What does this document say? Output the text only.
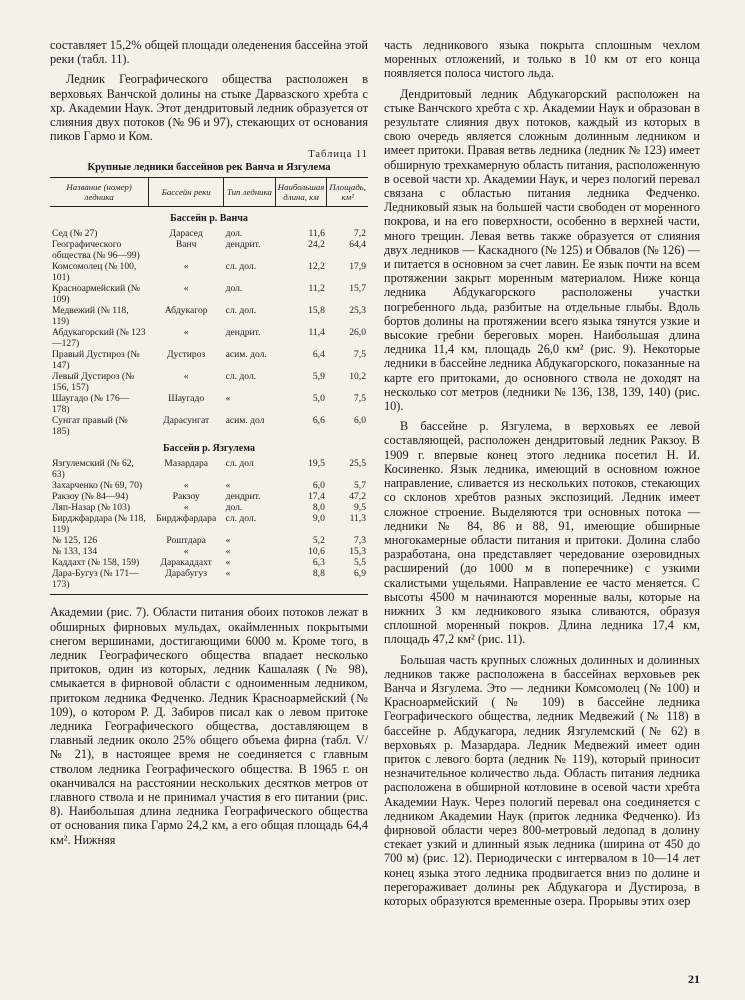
составляет 15,2% общей площади оледенения бассейна этой реки (табл. 11).

Ледник Географического общества расположен в верховьях Ванчской долины на стыке Дарвазского хребта с хр. Академии Наук. Этот дендритовый ледник образуется от слияния двух потоков (№ 96 и 97), стекающих от основания пиков Гармо и Ком.

Таблица 11
Крупные ледники бассейнов рек Ванча и Язгулема
Название (номер) ледника	Бассейн реки	Тип ледника	Наибольшая длина, км	Площадь, км²
Бассейн р. Ванча				
Сед (№ 27)	Дарасед	дол.	11,6	7,2
Географического общества (№ 96—99)	Ванч	дендрит.	24,2	64,4
Комсомолец (№ 100, 101)	«	сл. дол.	12,2	17,9
Красноармейский (№ 109)	«	дол.	11,2	15,7
Медвежий (№ 118, 119)	Абдукагор	сл. дол.	15,8	25,3
Абдукагорский (№ 123—127)	«	дендрит.	11,4	26,0
Правый Дустироз (№ 147)	Дустироз	асим. дол.	6,4	7,5
Левый Дустироз (№ 156, 157)	«	сл. дол.	5,9	10,2
Шаугадо (№ 176—178)	Шаугадо	«	5,0	7,5
Сунгат правый (№ 185)	Дарасунгат	асим. дол	6,6	6,0
Бассейн р. Язгулема				
Язгулемский (№ 62, 63)	Мазардара	сл. дол	19,5	25,5
Захарченко (№ 69, 70)	«	«	6,0	5,7
Ракзоу (№ 84—94)	Ракзоу	дендрит.	17,4	47,2
Ляп-Назар (№ 103)	«	дол.	8,0	9,5
Бирджфардара (№ 118, 119)	Бирджфардара	сл. дол.	9,0	11,3
№ 125, 126	Роштдара	«	5,2	7,3
№ 133, 134	«	«	10,6	15,3
Каддахт (№ 158, 159)	Даракаддахт	«	6,3	5,5
Дара-Бугуз (№ 171—173)	Дарабугуз	«	8,8	6,9

Академии (рис. 7). Области питания обоих потоков лежат в обширных фирновых мульдах, окаймленных покрытыми снегом вершинами, достигающими 6000 м. Кроме того, в ледник Географического общества впадает несколько притоков, один из которых, ледник Кашалаяк (№ 98), смыкается в фирновой области с одноименным ледником, притоком ледника Федченко. Ледник Красноармейский (№ 109), о котором Р. Д. Забиров писал как о левом притоке ледника Географического общества, доставляющем в главный ледник около 25% общего объема фирна (табл. V/№ 21), в настоящее время не соединяется с главным стволом ледника Географического общества. В 1965 г. он оканчивался на расстоянии нескольких десятков метров от главного ствола и не принимал участия в его питании (рис. 8). Наибольшая длина ледника Географического общества от основания пика Гармо 24,2 км, а его общая площадь 64,4 км². Нижняя

часть ледникового языка покрыта сплошным чехлом моренных отложений, и только в 10 км от его конца появляется полоса чистого льда.

Дендритовый ледник Абдукагорский расположен на стыке Ванчского хребта с хр. Академии Наук и образован в результате слияния двух потоков, каждый из которых в свою очередь является сложным долинным ледником и имеет притоки. Правая ветвь ледника (ледник № 123) имеет обширную трехкамерную область питания, расположенную в осевой части хр. Академии Наук, и через пологий перевал связана с областью питания ледника Федченко. Ледниковый язык на большей части свободен от моренного покрова, и на его поверхности, особенно в верхней части, много трещин. Левая ветвь также образуется от слияния двух ледников — Каскадного (№ 125) и Обвалов (№ 126) — и питается в основном за счет лавин. Ее язык почти на всем протяжении закрыт моренным материалом. Ниже конца ледника Абдукагорского расположены участки погребенного льда, разбитые на отдельные глыбы. Вдоль бортов долины на протяжении всего языка тянутся узкие и высокие гребни береговых морен. Наибольшая длина ледника 11,4 км, площадь 26,0 км² (рис. 9). Некоторые ледники в бассейне ледника Абдукагорского, показанные на карте его притоками, до основного ствола не доходят на несколько сот метров (ледники № 136, 138, 139, 140) (рис. 10).

В бассейне р. Язгулема, в верховьях ее левой составляющей, расположен дендритовый ледник Ракзоу. В 1909 г. впервые конец этого ледника посетил Н. И. Косиненко. Язык ледника, имеющий в основном южное направление, сливается из нескольких потоков, стекающих со склонов хребтов разных экспозиций. Ледник имеет сложное строение. Выделяются три основных потока — ледники № 84, 86 и 88, 91, имеющие обширные многокамерные области питания и притоки. Долина слабо разработана, она представляет чередование озеровидных расширений (до 1000 м в поперечнике) с узкими скалистыми ущельями. Направление ее часто меняется. С высоты 4500 м начинаются моренные валы, которые на нижних 3 км ледникового языка сливаются, образуя сплошной моренный покров. Длина ледника 17,4 км, площадь 47,2 км² (рис. 11).

Большая часть крупных сложных долинных и долинных ледников также расположена в бассейнах верховьев рек Ванча и Язгулема. Это — ледники Комсомолец (№ 100) и Красноармейский (№ 109) в бассейне ледника Географического общества, ледник Медвежий (№ 118) в бассейне р. Абдукагора, ледник Язгулемский (№ 62) в верховьях р. Мазардара. Ледник Медвежий имеет один приток с левого борта (ледник № 119), который приносит незначительное количество льда. Область питания ледника расположена в обширной котловине в осевой части хребта Академии Наук. Через пологий перевал она соединяется с ледником Академии Наук (приток ледника Федченко). Из фирновой области через 800-метровый ледопад в долину стекает узкий и длинный язык ледника (ширина от 450 до 700 м) (рис. 12). Периодически с интервалом в 10—14 лет конец языка этого ледника продвигается вниз по долине и перегораживает долины рек Абдукагора и Дустироза, в которых образуются временные озера. Прорывы этих озер

21
